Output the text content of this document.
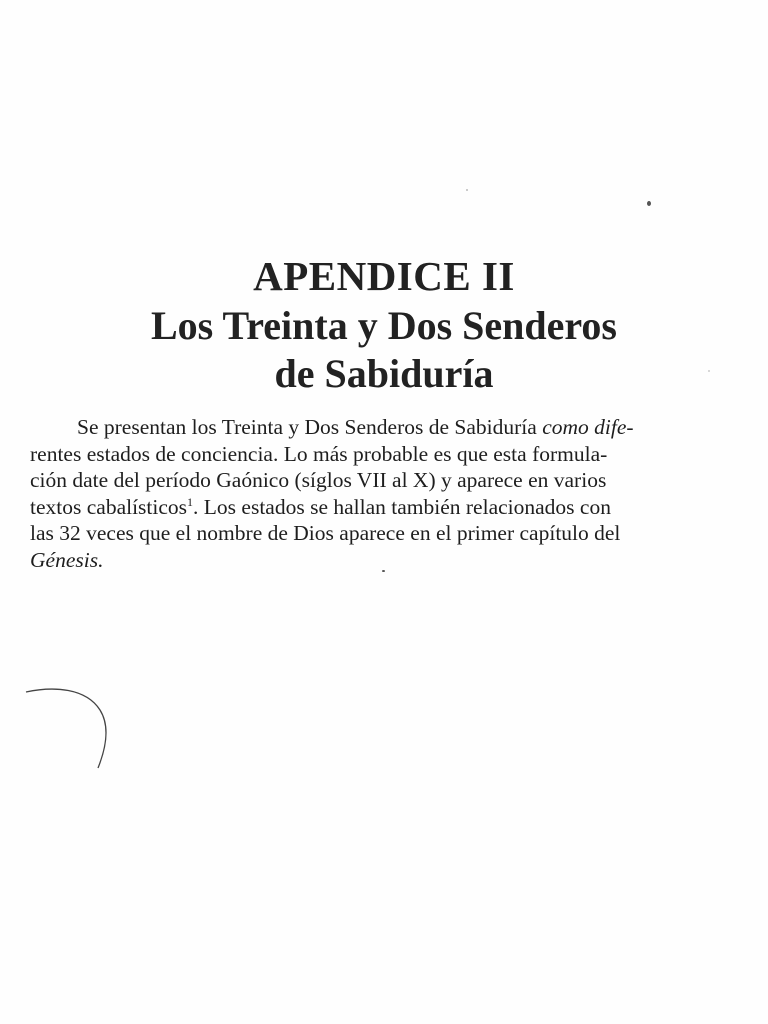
APENDICE II
Los Treinta y Dos Senderos
de Sabiduría
Se presentan los Treinta y Dos Senderos de Sabiduría como dife-
rentes estados de conciencia. Lo más probable es que esta formula-
ción date del período Gaónico (síglos VII al X) y aparece en varios
textos cabalísticos$^1$. Los estados se hallan también relacionados con
las 32 veces que el nombre de Dios aparece en el primer capítulo del
Génesis.
